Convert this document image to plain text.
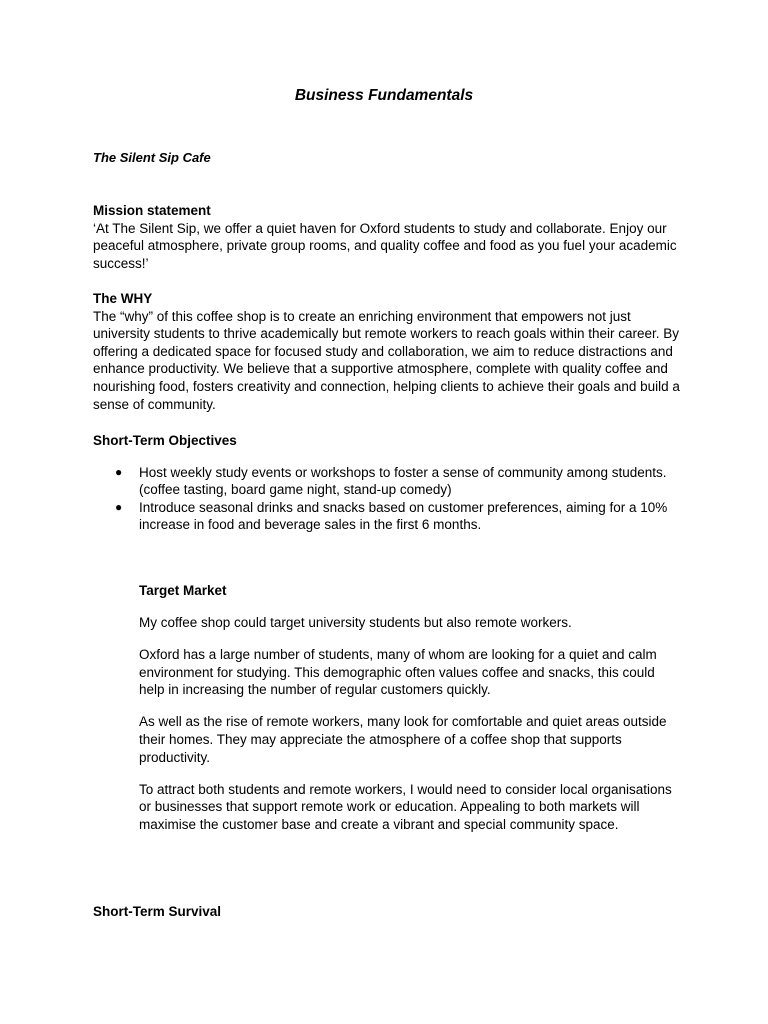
Business Fundamentals
The Silent Sip Cafe
Mission statement

‘At The Silent Sip, we offer a quiet haven for Oxford students to study and collaborate. Enjoy our peaceful atmosphere, private group rooms, and quality coffee and food as you fuel your academic success!’

The WHY

The “why” of this coffee shop is to create an enriching environment that empowers not just university students to thrive academically but remote workers to reach goals within their career. By offering a dedicated space for focused study and collaboration, we aim to reduce distractions and enhance productivity. We believe that a supportive atmosphere, complete with quality coffee and nourishing food, fosters creativity and connection, helping clients to achieve their goals and build a sense of community.

Short-Term Objectives
● Host weekly study events or workshops to foster a sense of community among students. (coffee tasting, board game night, stand-up comedy)
● Introduce seasonal drinks and snacks based on customer preferences, aiming for a 10% increase in food and beverage sales in the first 6 months.
Target Market

My coffee shop could target university students but also remote workers.

Oxford has a large number of students, many of whom are looking for a quiet and calm environment for studying. This demographic often values coffee and snacks, this could help in increasing the number of regular customers quickly.

As well as the rise of remote workers, many look for comfortable and quiet areas outside their homes. They may appreciate the atmosphere of a coffee shop that supports productivity.

To attract both students and remote workers, I would need to consider local organisations or businesses that support remote work or education. Appealing to both markets will maximise the customer base and create a vibrant and special community space.

Short-Term Survival
